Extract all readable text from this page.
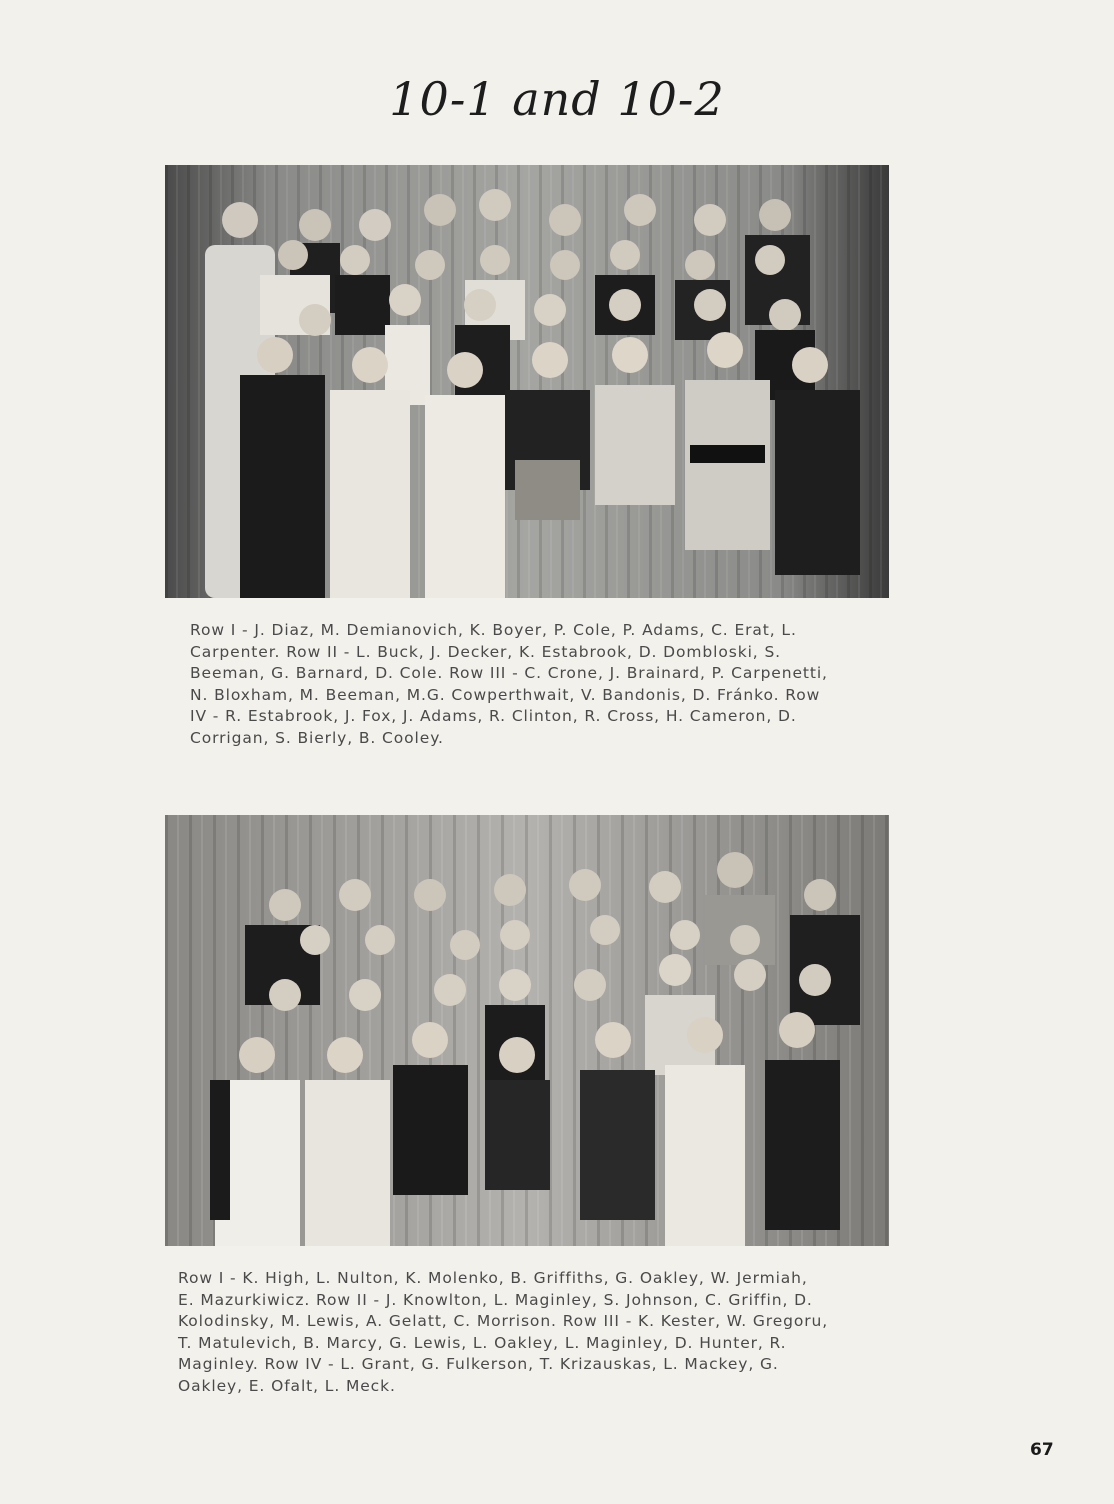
10-1 and 10-2
Row I - J. Diaz, M. Demianovich, K. Boyer, P. Cole, P. Adams, C. Erat, L.
Carpenter. Row II - L. Buck, J. Decker, K. Estabrook, D. Dombloski, S.
Beeman, G. Barnard, D. Cole. Row III - C. Crone, J. Brainard, P. Carpenetti,
N. Bloxham, M. Beeman, M.G. Cowperthwait, V. Bandonis, D. Fránko. Row
IV - R. Estabrook, J. Fox, J. Adams, R. Clinton, R. Cross, H. Cameron, D.
Corrigan, S. Bierly, B. Cooley.
Row I - K. High, L. Nulton, K. Molenko, B. Griffiths, G. Oakley, W. Jermiah,
E. Mazurkiwicz. Row II - J. Knowlton, L. Maginley, S. Johnson, C. Griffin, D.
Kolodinsky, M. Lewis, A. Gelatt, C. Morrison. Row III - K. Kester, W. Gregoru,
T. Matulevich, B. Marcy, G. Lewis, L. Oakley, L. Maginley, D. Hunter, R.
Maginley. Row IV - L. Grant, G. Fulkerson, T. Krizauskas, L. Mackey, G.
Oakley, E. Ofalt, L. Meck.
67
